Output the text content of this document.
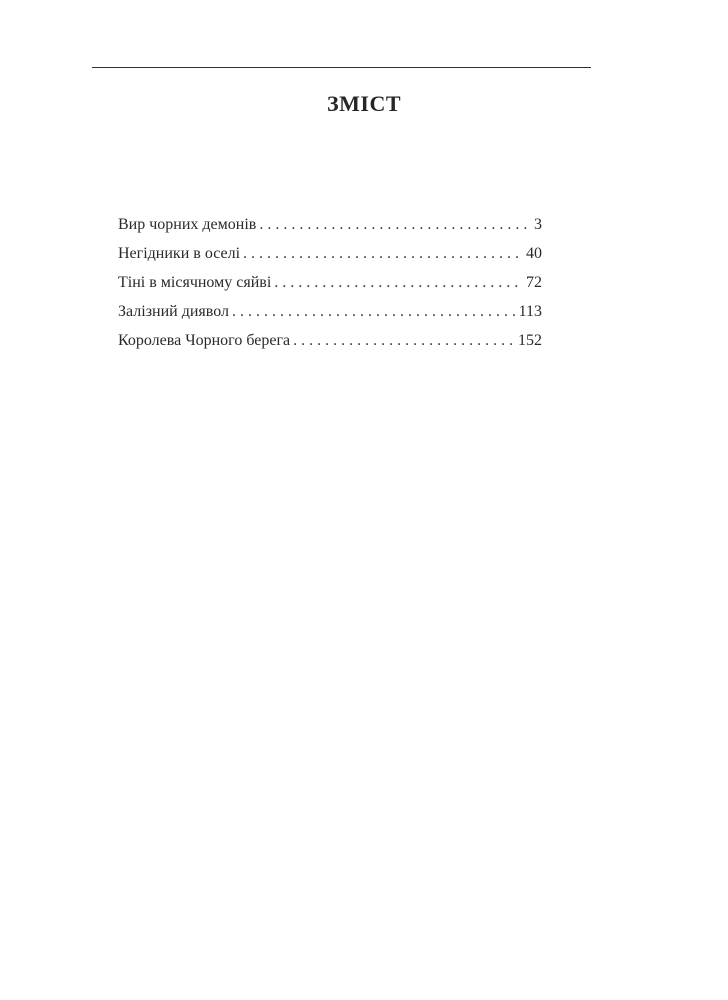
ЗМІСТ
Вир чорних демонів . . .	3
Негідники в оселі . . .	40
Тіні в місячному сяйві . . .	72
Залізний диявол . . .	113
Королева Чорного берега . . .	152
